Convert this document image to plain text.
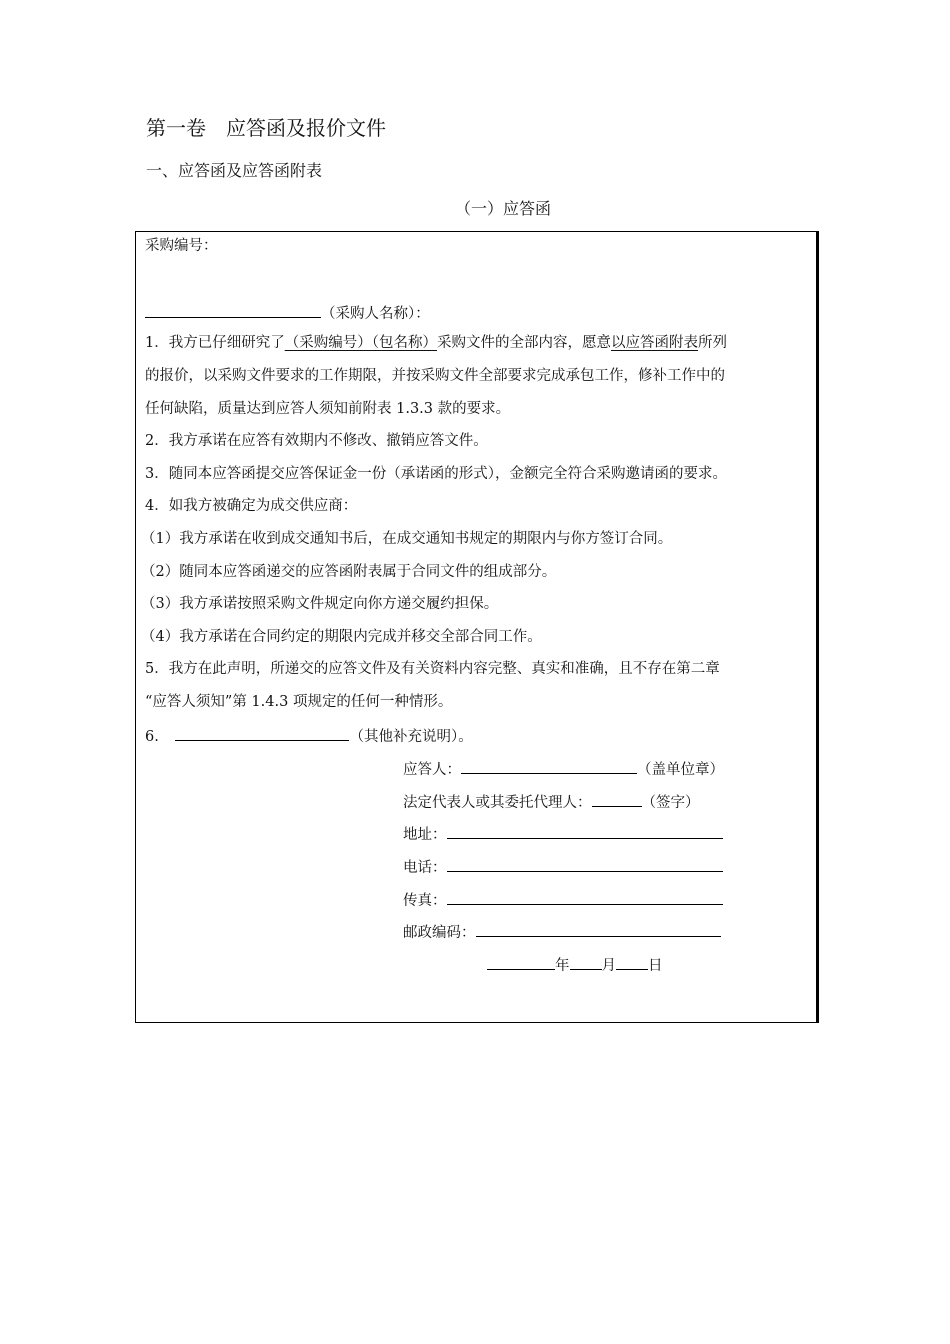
第一卷 应答函及报价文件
一、应答函及应答函附表
（一）应答函
采购编号：
（采购人名称）：
1．我方已仔细研究了（采购编号）（包名称）采购文件的全部内容，愿意以应答函附表所列
的报价，以采购文件要求的工作期限，并按采购文件全部要求完成承包工作，修补工作中的
任何缺陷，质量达到应答人须知前附表 1.3.3 款的要求。
2．我方承诺在应答有效期内不修改、撤销应答文件。
3．随同本应答函提交应答保证金一份（承诺函的形式），金额完全符合采购邀请函的要求。
4．如我方被确定为成交供应商：
（1）我方承诺在收到成交通知书后，在成交通知书规定的期限内与你方签订合同。
（2）随同本应答函递交的应答函附表属于合同文件的组成部分。
（3）我方承诺按照采购文件规定向你方递交履约担保。
（4）我方承诺在合同约定的期限内完成并移交全部合同工作。
5．我方在此声明，所递交的应答文件及有关资料内容完整、真实和准确，且不存在第二章
“应答人须知”第 1.4.3 项规定的任何一种情形。
6.	（其他补充说明）。
应答人：	（盖单位章）
法定代表人或其委托代理人：	（签字）
地址：
电话：
传真：
邮政编码：
年 月 日
